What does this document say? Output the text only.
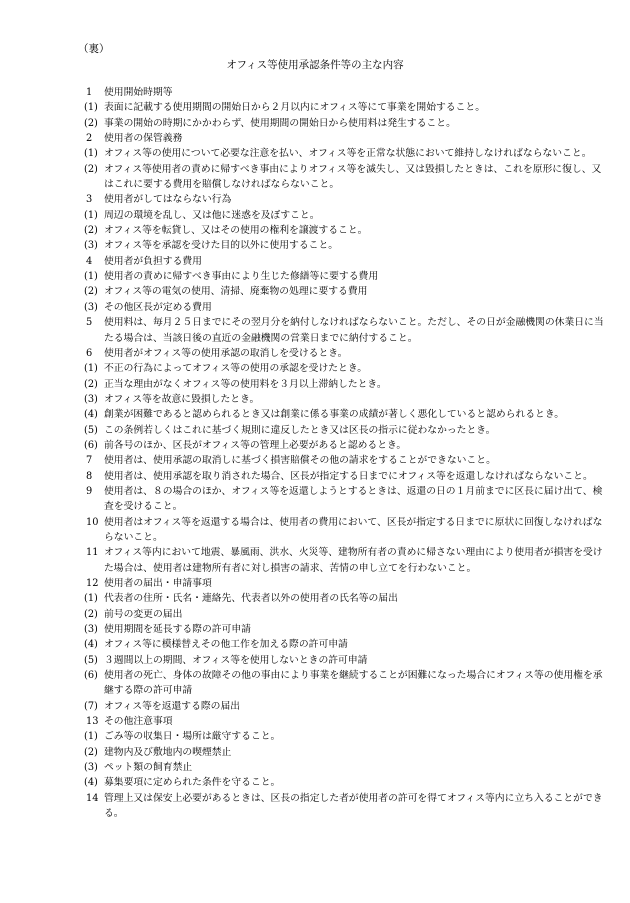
（裏）
オフィス等使用承認条件等の主な内容
1	使用開始時期等
(1) 表面に記載する使用期間の開始日から２月以内にオフィス等にて事業を開始すること。
(2) 事業の開始の時期にかかわらず、使用期間の開始日から使用料は発生すること。
2	使用者の保管義務
(1) オフィス等の使用について必要な注意を払い、オフィス等を正常な状態において維持しなければならないこと。
(2) オフィス等使用者の責めに帰すべき事由によりオフィス等を滅失し、又は毀損したときは、これを原形に復し、又はこれに要する費用を賠償しなければならないこと。
3	使用者がしてはならない行為
(1) 周辺の環境を乱し、又は他に迷惑を及ぼすこと。
(2) オフィス等を転貸し、又はその使用の権利を譲渡すること。
(3) オフィス等を承認を受けた目的以外に使用すること。
4	使用者が負担する費用
(1) 使用者の責めに帰すべき事由により生じた修繕等に要する費用
(2) オフィス等の電気の使用、清掃、廃棄物の処理に要する費用
(3) その他区長が定める費用
5	使用料は、毎月２５日までにその翌月分を納付しなければならないこと。ただし、その日が金融機関の休業日に当たる場合は、当該日後の直近の金融機関の営業日までに納付すること。
6	使用者がオフィス等の使用承認の取消しを受けるとき。
(1) 不正の行為によってオフィス等の使用の承認を受けたとき。
(2) 正当な理由がなくオフィス等の使用料を３月以上滞納したとき。
(3) オフィス等を故意に毀損したとき。
(4) 創業が困難であると認められるとき又は創業に係る事業の成績が著しく悪化していると認められるとき。
(5) この条例若しくはこれに基づく規則に違反したとき又は区長の指示に従わなかったとき。
(6) 前各号のほか、区長がオフィス等の管理上必要があると認めるとき。
7	使用者は、使用承認の取消しに基づく損害賠償その他の請求をすることができないこと。
8	使用者は、使用承認を取り消された場合、区長が指定する日までにオフィス等を返還しなければならないこと。
9	使用者は、８の場合のほか、オフィス等を返還しようとするときは、返還の日の１月前までに区長に届け出て、検査を受けること。
10 使用者はオフィス等を返還する場合は、使用者の費用において、区長が指定する日までに原状に回復しなければならないこと。
11 オフィス等内において地震、暴風雨、洪水、火災等、建物所有者の責めに帰さない理由により使用者が損害を受けた場合は、使用者は建物所有者に対し損害の請求、苦情の申し立てを行わないこと。
12 使用者の届出・申請事項
(1) 代表者の住所・氏名・連絡先、代表者以外の使用者の氏名等の届出
(2) 前号の変更の届出
(3) 使用期間を延長する際の許可申請
(4) オフィス等に模様替えその他工作を加える際の許可申請
(5) ３週間以上の期間、オフィス等を使用しないときの許可申請
(6) 使用者の死亡、身体の故障その他の事由により事業を継続することが困難になった場合にオフィス等の使用権を承継する際の許可申請
(7) オフィス等を返還する際の届出
13 その他注意事項
(1) ごみ等の収集日・場所は厳守すること。
(2) 建物内及び敷地内の喫煙禁止
(3) ペット類の飼育禁止
(4) 募集要項に定められた条件を守ること。
14 管理上又は保安上必要があるときは、区長の指定した者が使用者の許可を得てオフィス等内に立ち入ることができる。
